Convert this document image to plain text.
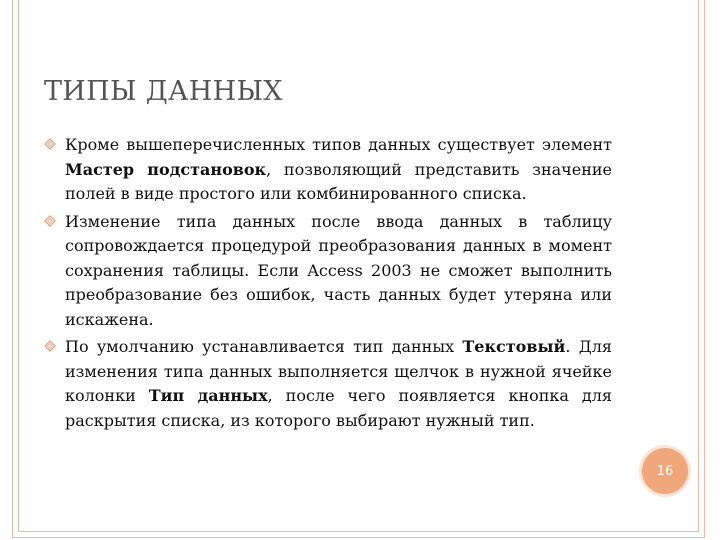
ТИПЫ ДАННЫХ
Кроме вышеперечисленных типов данных существует элемент Мастер подстановок, позволяющий представить значение полей в виде простого или комбинированного списка.
Изменение типа данных после ввода данных в таблицу сопровождается процедурой преобразования данных в момент сохранения таблицы. Если Access 2003 не сможет выполнить преобразование без ошибок, часть данных будет утеряна или искажена.
По умолчанию устанавливается тип данных Текстовый. Для изменения типа данных выполняется щелчок в нужной ячейке колонки Тип данных, после чего появляется кнопка для раскрытия списка, из которого выбирают нужный тип.
16
